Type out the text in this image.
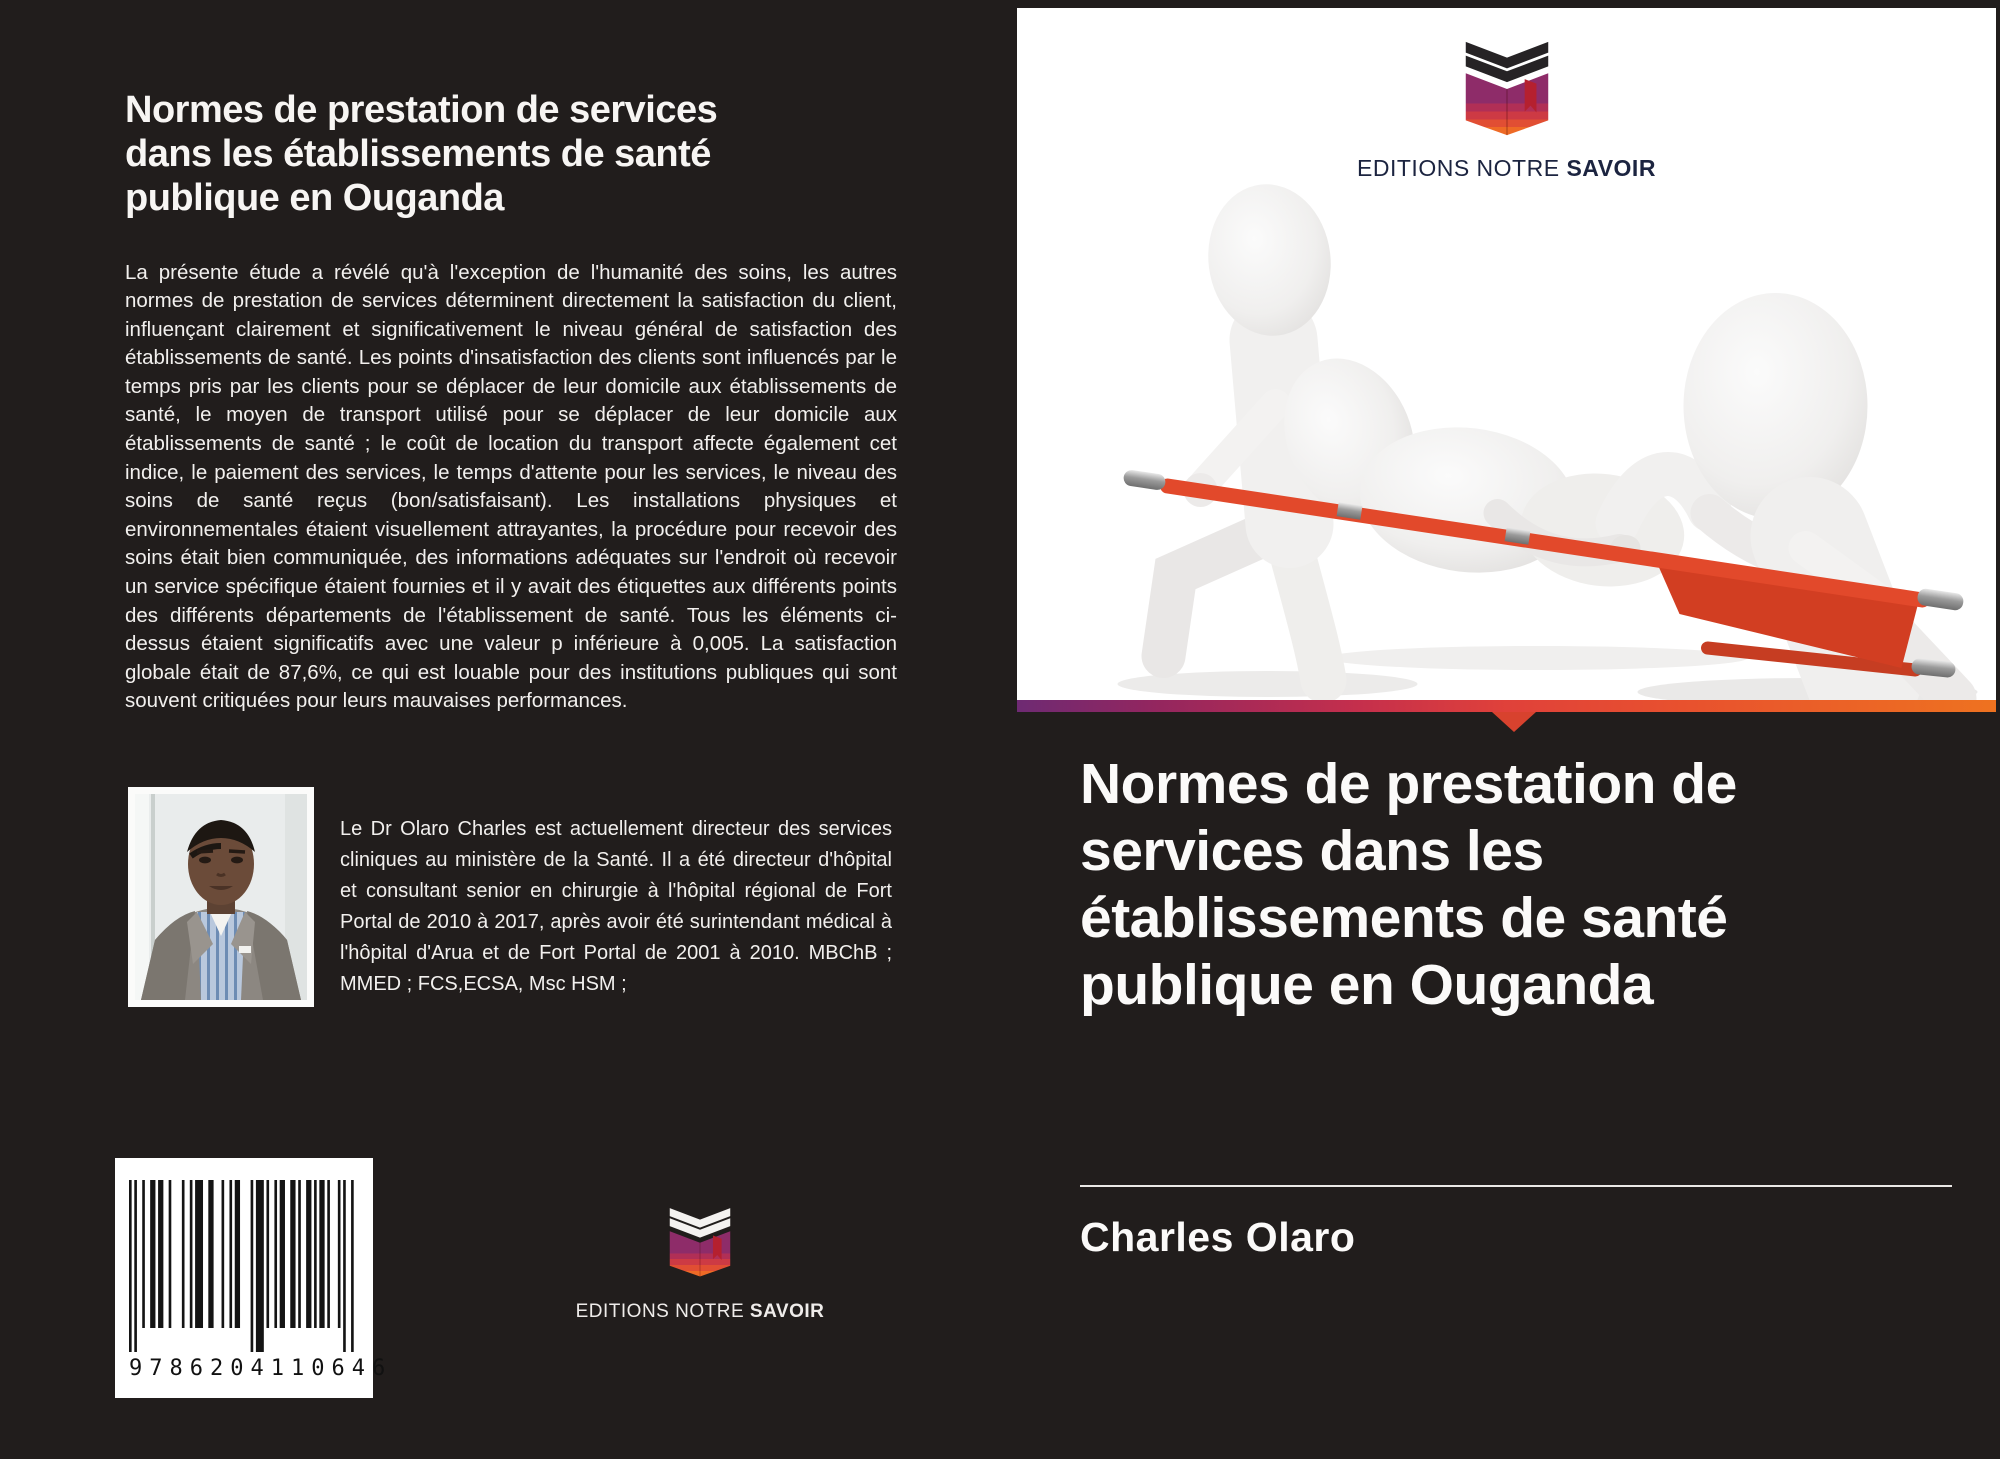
Normes de prestation de services
dans les établissements de santé
publique en Ouganda

La présente étude a révélé qu'à l'exception de l'humanité des soins, les autres normes de prestation de services déterminent directement la satisfaction du client, influençant clairement et significativement le niveau général de satisfaction des établissements de santé. Les points d'insatisfaction des clients sont influencés par le temps pris par les clients pour se déplacer de leur domicile aux établissements de santé, le moyen de transport utilisé pour se déplacer de leur domicile aux établissements de santé ; le coût de location du transport affecte également cet indice, le paiement des services, le temps d'attente pour les services, le niveau des soins de santé reçus (bon/satisfaisant). Les installations physiques et environnementales étaient visuellement attrayantes, la procédure pour recevoir des soins était bien communiquée, des informations adéquates sur l'endroit où recevoir un service spécifique étaient fournies et il y avait des étiquettes aux différents points des différents départements de l'établissement de santé. Tous les éléments ci-dessus étaient significatifs avec une valeur p inférieure à 0,005. La satisfaction globale était de 87,6%, ce qui est louable pour des institutions publiques qui sont souvent critiquées pour leurs mauvaises performances.

Le Dr Olaro Charles est actuellement directeur des services cliniques au ministère de la Santé. Il a été directeur d'hôpital et consultant senior en chirurgie à l'hôpital régional de Fort Portal de 2010 à 2017, après avoir été surintendant médical à l'hôpital d'Arua et de Fort Portal de 2001 à 2010. MBChB ; MMED ; FCS,ECSA, Msc HSM ;

9 786204 110646
EDITIONS NOTRE SAVOIR
EDITIONS NOTRE SAVOIR
Normes de prestation de
services dans les
établissements de santé
publique en Ouganda
Charles Olaro
